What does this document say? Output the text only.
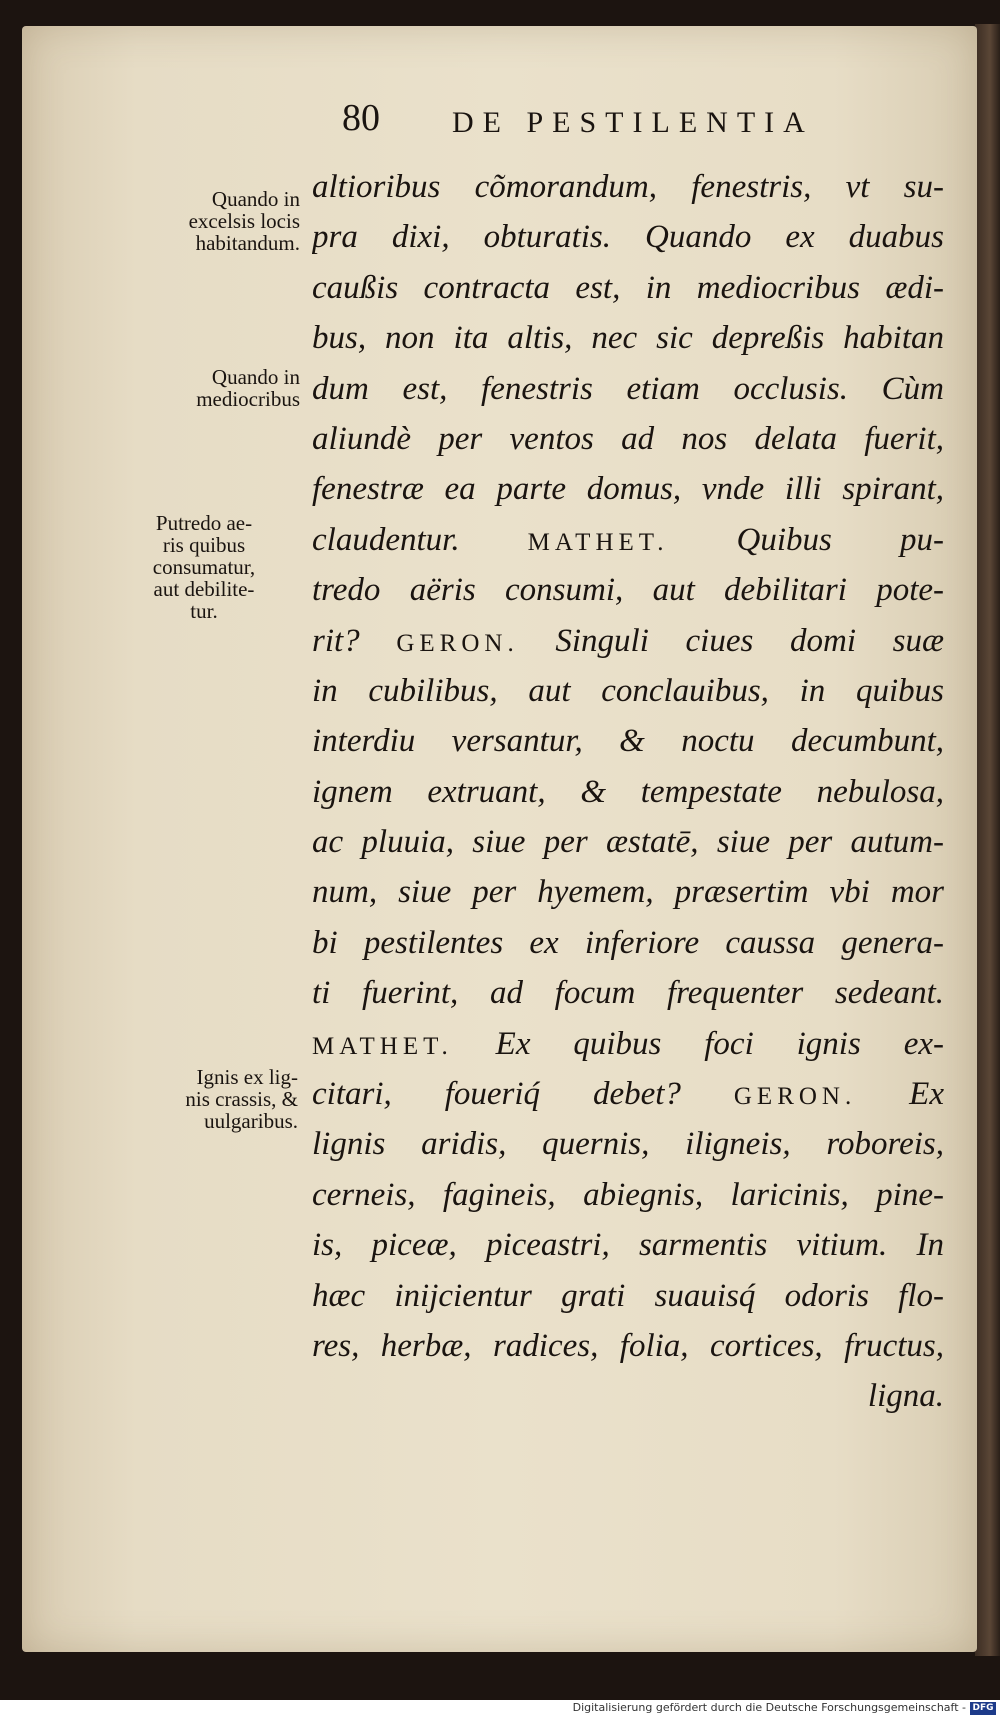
80 DE PESTILENTIA
Quando in
excelsis locis
habitandum.
Quando in
mediocribus
Putredo ae-
ris quibus
consumatur,
aut debilite-
tur.
Ignis ex lig-
nis crassis, &
uulgaribus.
altioribus cõmorandum, fenestris, vt su-
pra dixi, obturatis. Quando ex duabus
caußis contracta est, in mediocribus ædi-
bus, non ita altis, nec sic depreßis habitan
dum est, fenestris etiam occlusis. Cùm
aliundè per ventos ad nos delata fuerit,
fenestræ ea parte domus, vnde illi spirant,
claudentur. MATHET. Quibus pu-
tredo aëris consumi, aut debilitari pote-
rit? GERON. Singuli ciues domi suæ
in cubilibus, aut conclauibus, in quibus
interdiu versantur, & noctu decumbunt,
ignem extruant, & tempestate nebulosa,
ac pluuia, siue per æstatē, siue per autum-
num, siue per hyemem, præsertim vbi mor
bi pestilentes ex inferiore caussa genera-
ti fuerint, ad focum frequenter sedeant.
MATHET. Ex quibus foci ignis ex-
citari, foueriq́ debet? GERON. Ex
lignis aridis, quernis, iligneis, roboreis,
cerneis, fagineis, abiegnis, laricinis, pine-
is, piceæ, piceastri, sarmentis vitium. In
hæc inijcientur grati suauisq́ odoris flo-
res, herbæ, radices, folia, cortices, fructus,
ligna.
Digitalisierung gefördert durch die Deutsche Forschungsgemeinschaft - DFG
